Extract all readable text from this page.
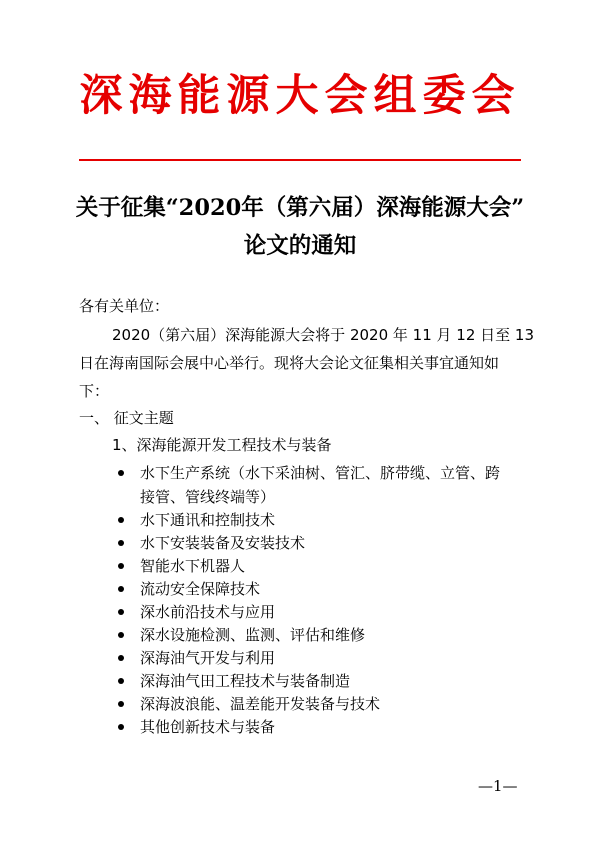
深海能源大会组委会
关于征集“2020年（第六届）深海能源大会”
论文的通知
各有关单位：
2020（第六届）深海能源大会将于 2020 年 11 月 12 日至 13
日在海南国际会展中心举行。现将大会论文征集相关事宜通知如
下：
一、 征文主题
1、深海能源开发工程技术与装备
水下生产系统（水下采油树、管汇、脐带缆、立管、跨
接管、管线终端等）
水下通讯和控制技术
水下安装装备及安装技术
智能水下机器人
流动安全保障技术
深水前沿技术与应用
深水设施检测、监测、评估和维修
深海油气开发与利用
深海油气田工程技术与装备制造
深海波浪能、温差能开发装备与技术
其他创新技术与装备
—1—
